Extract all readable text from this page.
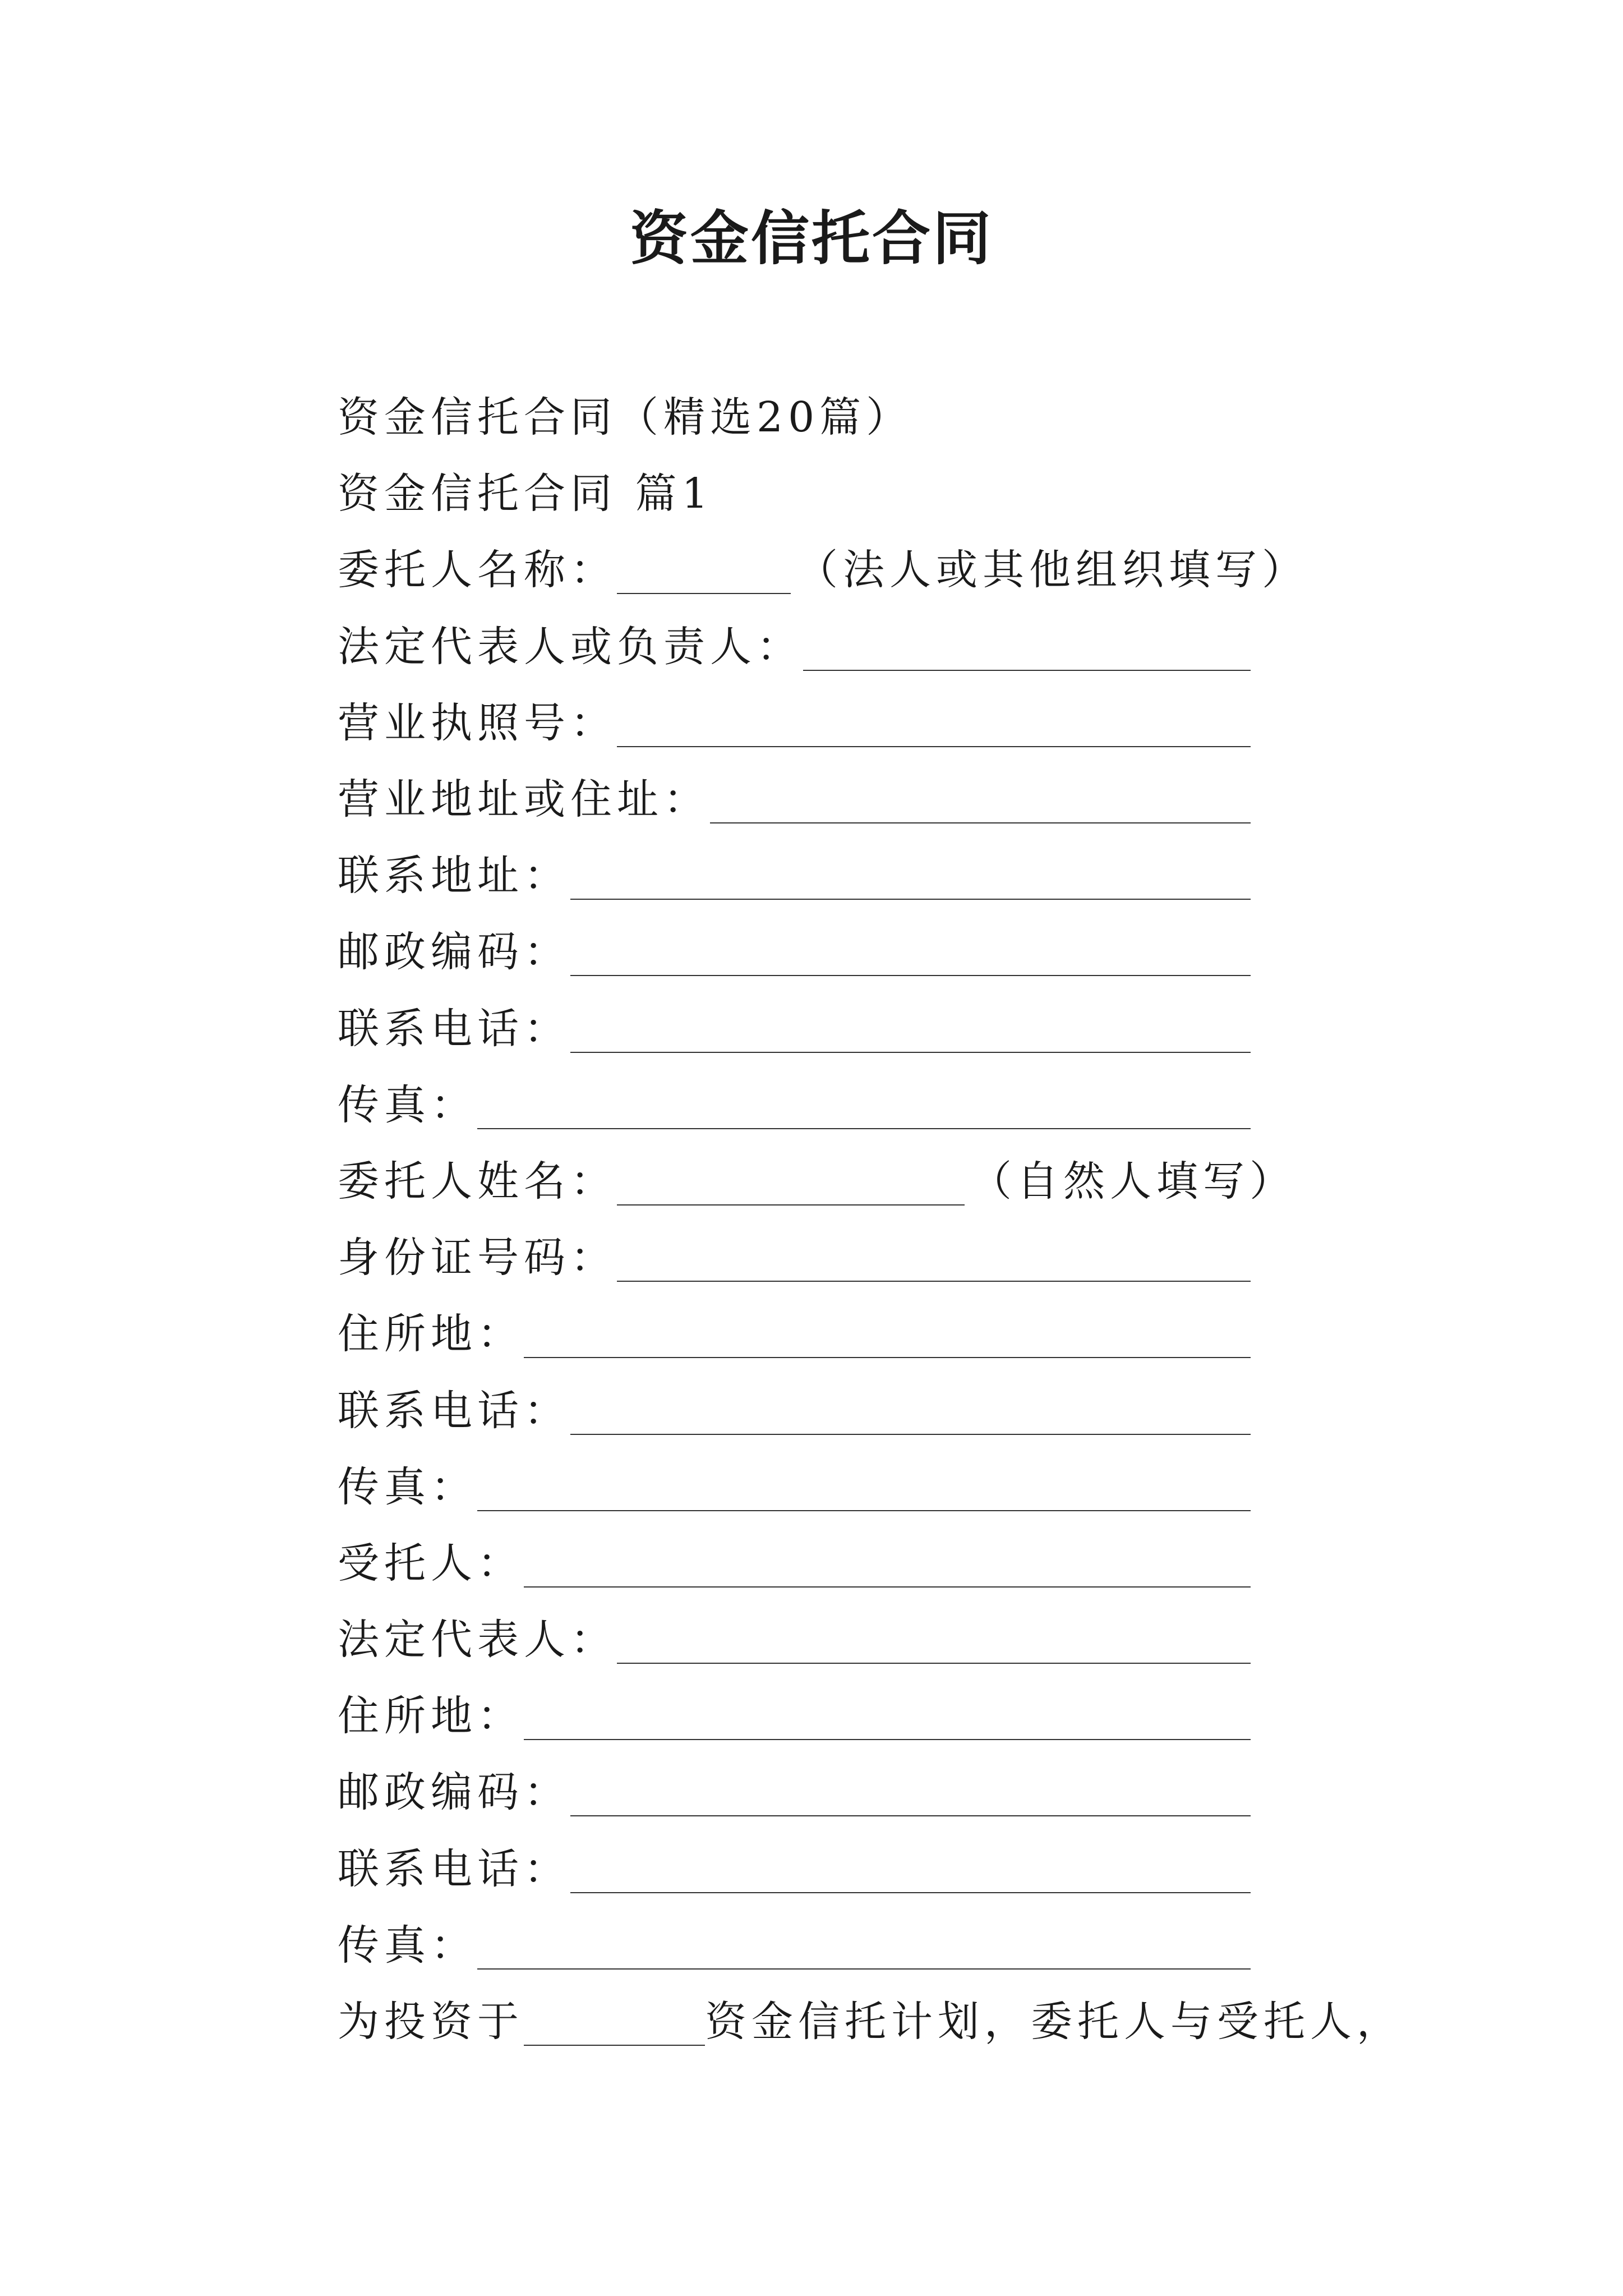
资金信托合同
资金信托合同（精选20篇）
资金信托合同 篇1
委托人名称：	（法人或其他组织填写）
法定代表人或负责人：
营业执照号：
营业地址或住址：
联系地址：
邮政编码：
联系电话：
传真：
委托人姓名：	（自然人填写）
身份证号码：
住所地：
联系电话：
传真：
受托人：
法定代表人：
住所地：
邮政编码：
联系电话：
传真：
为投资于	资金信托计划，委托人与受托人，
